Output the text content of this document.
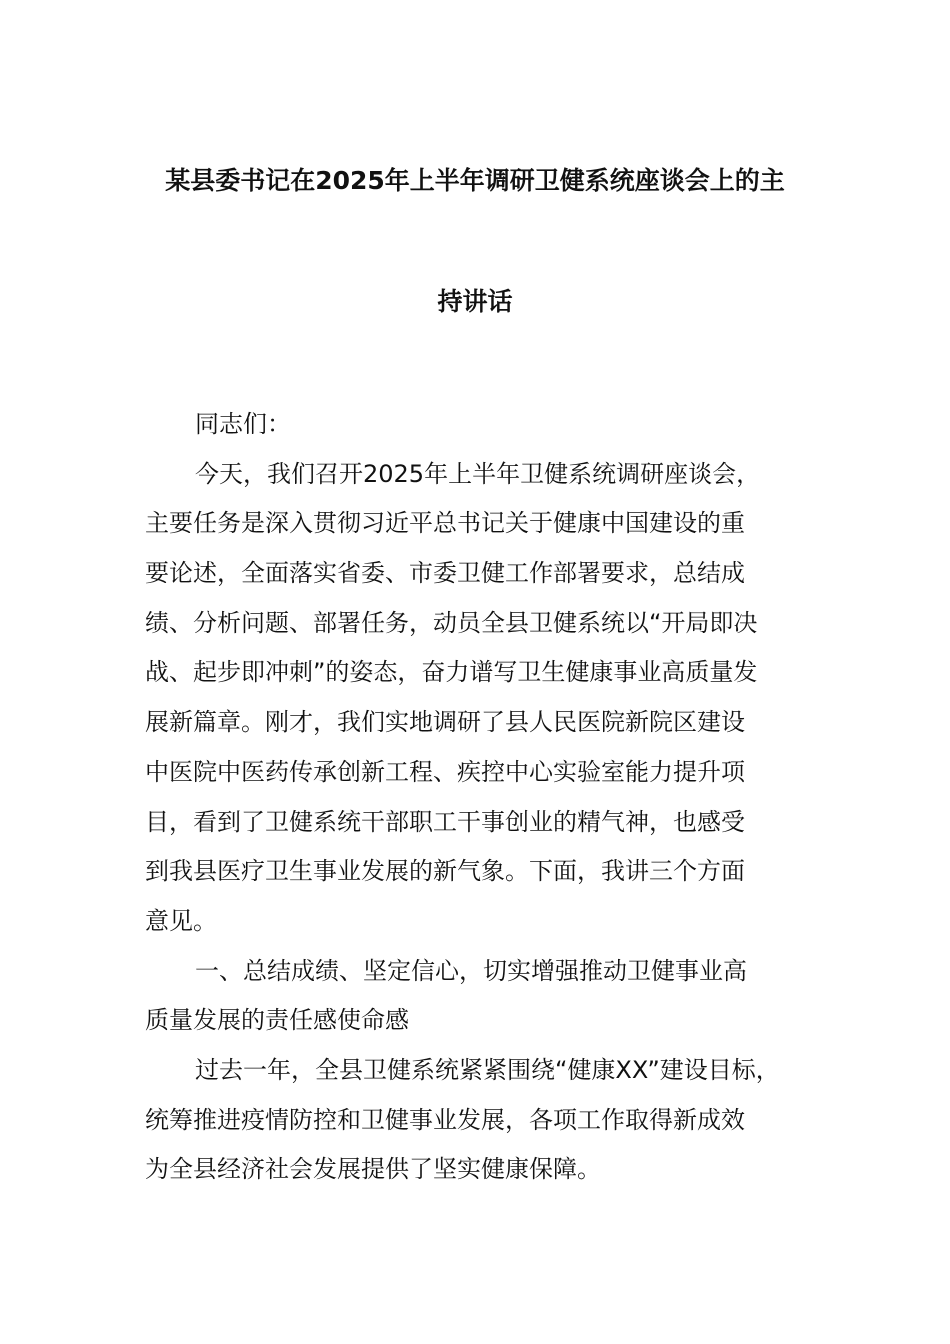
某县委书记在2025年上半年调研卫健系统座谈会上的主
持讲话
同志们：
今天，我们召开2025年上半年卫健系统调研座谈会，
主要任务是深入贯彻习近平总书记关于健康中国建设的重
要论述，全面落实省委、市委卫健工作部署要求，总结成
绩、分析问题、部署任务，动员全县卫健系统以“开局即决
战、起步即冲刺”的姿态，奋力谱写卫生健康事业高质量发
展新篇章。刚才，我们实地调研了县人民医院新院区建设
中医院中医药传承创新工程、疾控中心实验室能力提升项
目，看到了卫健系统干部职工干事创业的精气神，也感受
到我县医疗卫生事业发展的新气象。下面，我讲三个方面
意见。
一、总结成绩、坚定信心，切实增强推动卫健事业高
质量发展的责任感使命感
过去一年，全县卫健系统紧紧围绕“健康XX”建设目标，
统筹推进疫情防控和卫健事业发展，各项工作取得新成效
为全县经济社会发展提供了坚实健康保障。
